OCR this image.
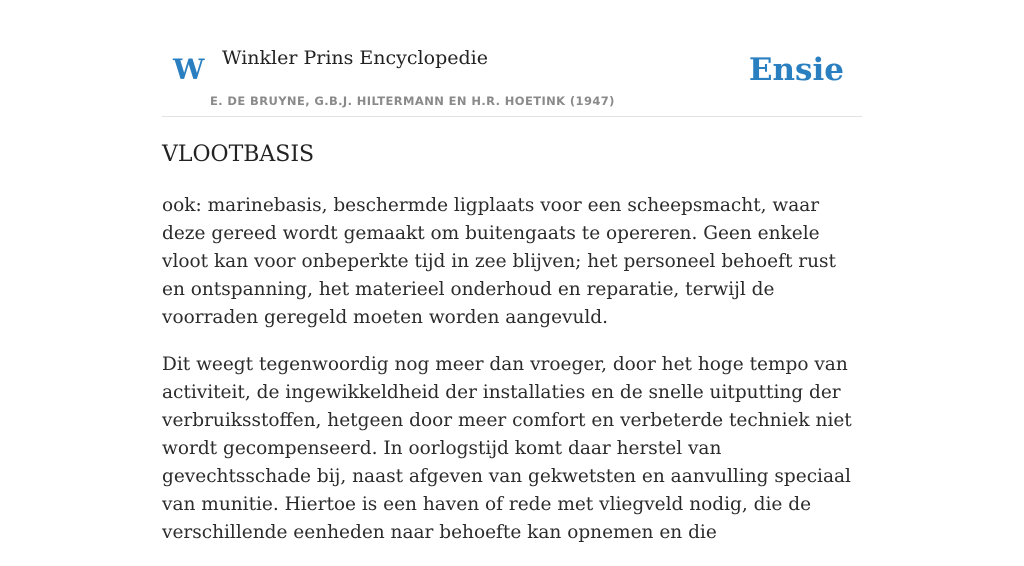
W Winkler Prins Encyclopedie
E. DE BRUYNE, G.B.J. HILTERMANN EN H.R. HOETINK (1947)
Ensie
VLOOTBASIS

ook: marinebasis, beschermde ligplaats voor een scheepsmacht, waar deze gereed wordt gemaakt om buitengaats te opereren. Geen enkele vloot kan voor onbeperkte tijd in zee blijven; het personeel behoeft rust en ontspanning, het materieel onderhoud en reparatie, terwijl de voorraden geregeld moeten worden aangevuld.

Dit weegt tegenwoordig nog meer dan vroeger, door het hoge tempo van activiteit, de ingewikkeldheid der installaties en de snelle uitputting der verbruiksstoffen, hetgeen door meer comfort en verbeterde techniek niet wordt gecompenseerd. In oorlogstijd komt daar herstel van gevechtsschade bij, naast afgeven van gekwetsten en aanvulling speciaal van munitie. Hiertoe is een haven of rede met vliegveld nodig, die de verschillende eenheden naar behoefte kan opnemen en die
